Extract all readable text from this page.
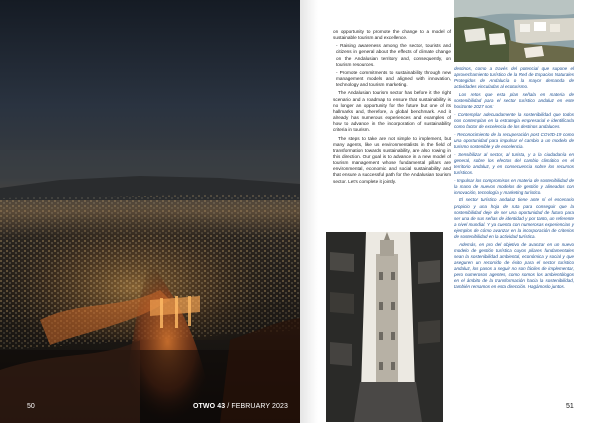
50	OTWO 43 / FEBRUARY 2023

on opportunity to promote the change to a model of sustainable tourism and excellence.

- Raising awareness among the sector, tourists and citizens in general about the effects of climate change on the Andalusian territory and, consequently, on tourism resources.

- Promote commitments to sustainability through new management models and aligned with innovation, technology and tourism marketing.

The Andalusian tourism sector has before it the right scenario and a roadmap to ensure that sustainability is no longer an opportunity for the future but one of its hallmarks and, therefore, a global benchmark. And it already has numerous experiences and examples of how to advance in the incorporation of sustainability criteria in tourism.

The steps to take are not simple to implement, but many agents, like us environmentalists in the field of transformation towards sustainability, are also rowing in this direction. Our goal is to advance in a new model of tourism management whose fundamental pillars are environmental, economic and social sustainability and that ensure a successful path for the Andalusian tourism sector. Let's complete it jointly.

destinos, como a través del potencial que supone el aprovechamiento turístico de la Red de Espacios Naturales Protegidos de Andalucía o la mayor demanda de actividades vinculadas al ecoturismo.

Los retos que esta plan señala en materia de sostenibilidad para el sector turístico andaluz en este horizonte 2027 son:

- Contemplar adecuadamente la sostenibilidad que todos nos contemplan en la estrategia empresarial e identificarla como factor de excelencia de los destinos andaluces.

- Reconocimiento de la recuperación post COVID-19 como una oportunidad para impulsar el cambio a un modelo de turismo sostenible y de excelencia.

- Sensibilizar al sector, al turista, y a la ciudadanía en general, sobre los efectos del cambio climático en el territorio andaluz, y en consecuencia sobre los recursos turísticos.

- Impulsar los compromisos en materia de sostenibilidad de la mano de nuevos modelos de gestión y alineados con innovación, tecnología y marketing turístico.

El sector turístico andaluz tiene ante sí el escenario propicio y una hoja de ruta para conseguir que la sostenibilidad deje de ser una oportunidad de futuro para ser una de sus señas de identidad y por tanto, un referente a nivel mundial. Y ya cuenta con numerosas experiencias y ejemplos de cómo avanzar en la incorporación de criterios de sostenibilidad en la actividad turística.

Además, en pro del objetivo de avanzar en un nuevo modelo de gestión turística cuyos pilares fundamentales sean la sostenibilidad ambiental, económica y social y que aseguren un recorrido de éxito para el sector turístico andaluz, los pasos a seguir no son fáciles de implementar, pero numerosos agentes, como somos los ambientólogos en el ámbito de la transformación hacia la sostenibilidad, también remamos en esta dirección. Hagámoslo juntos.

51
